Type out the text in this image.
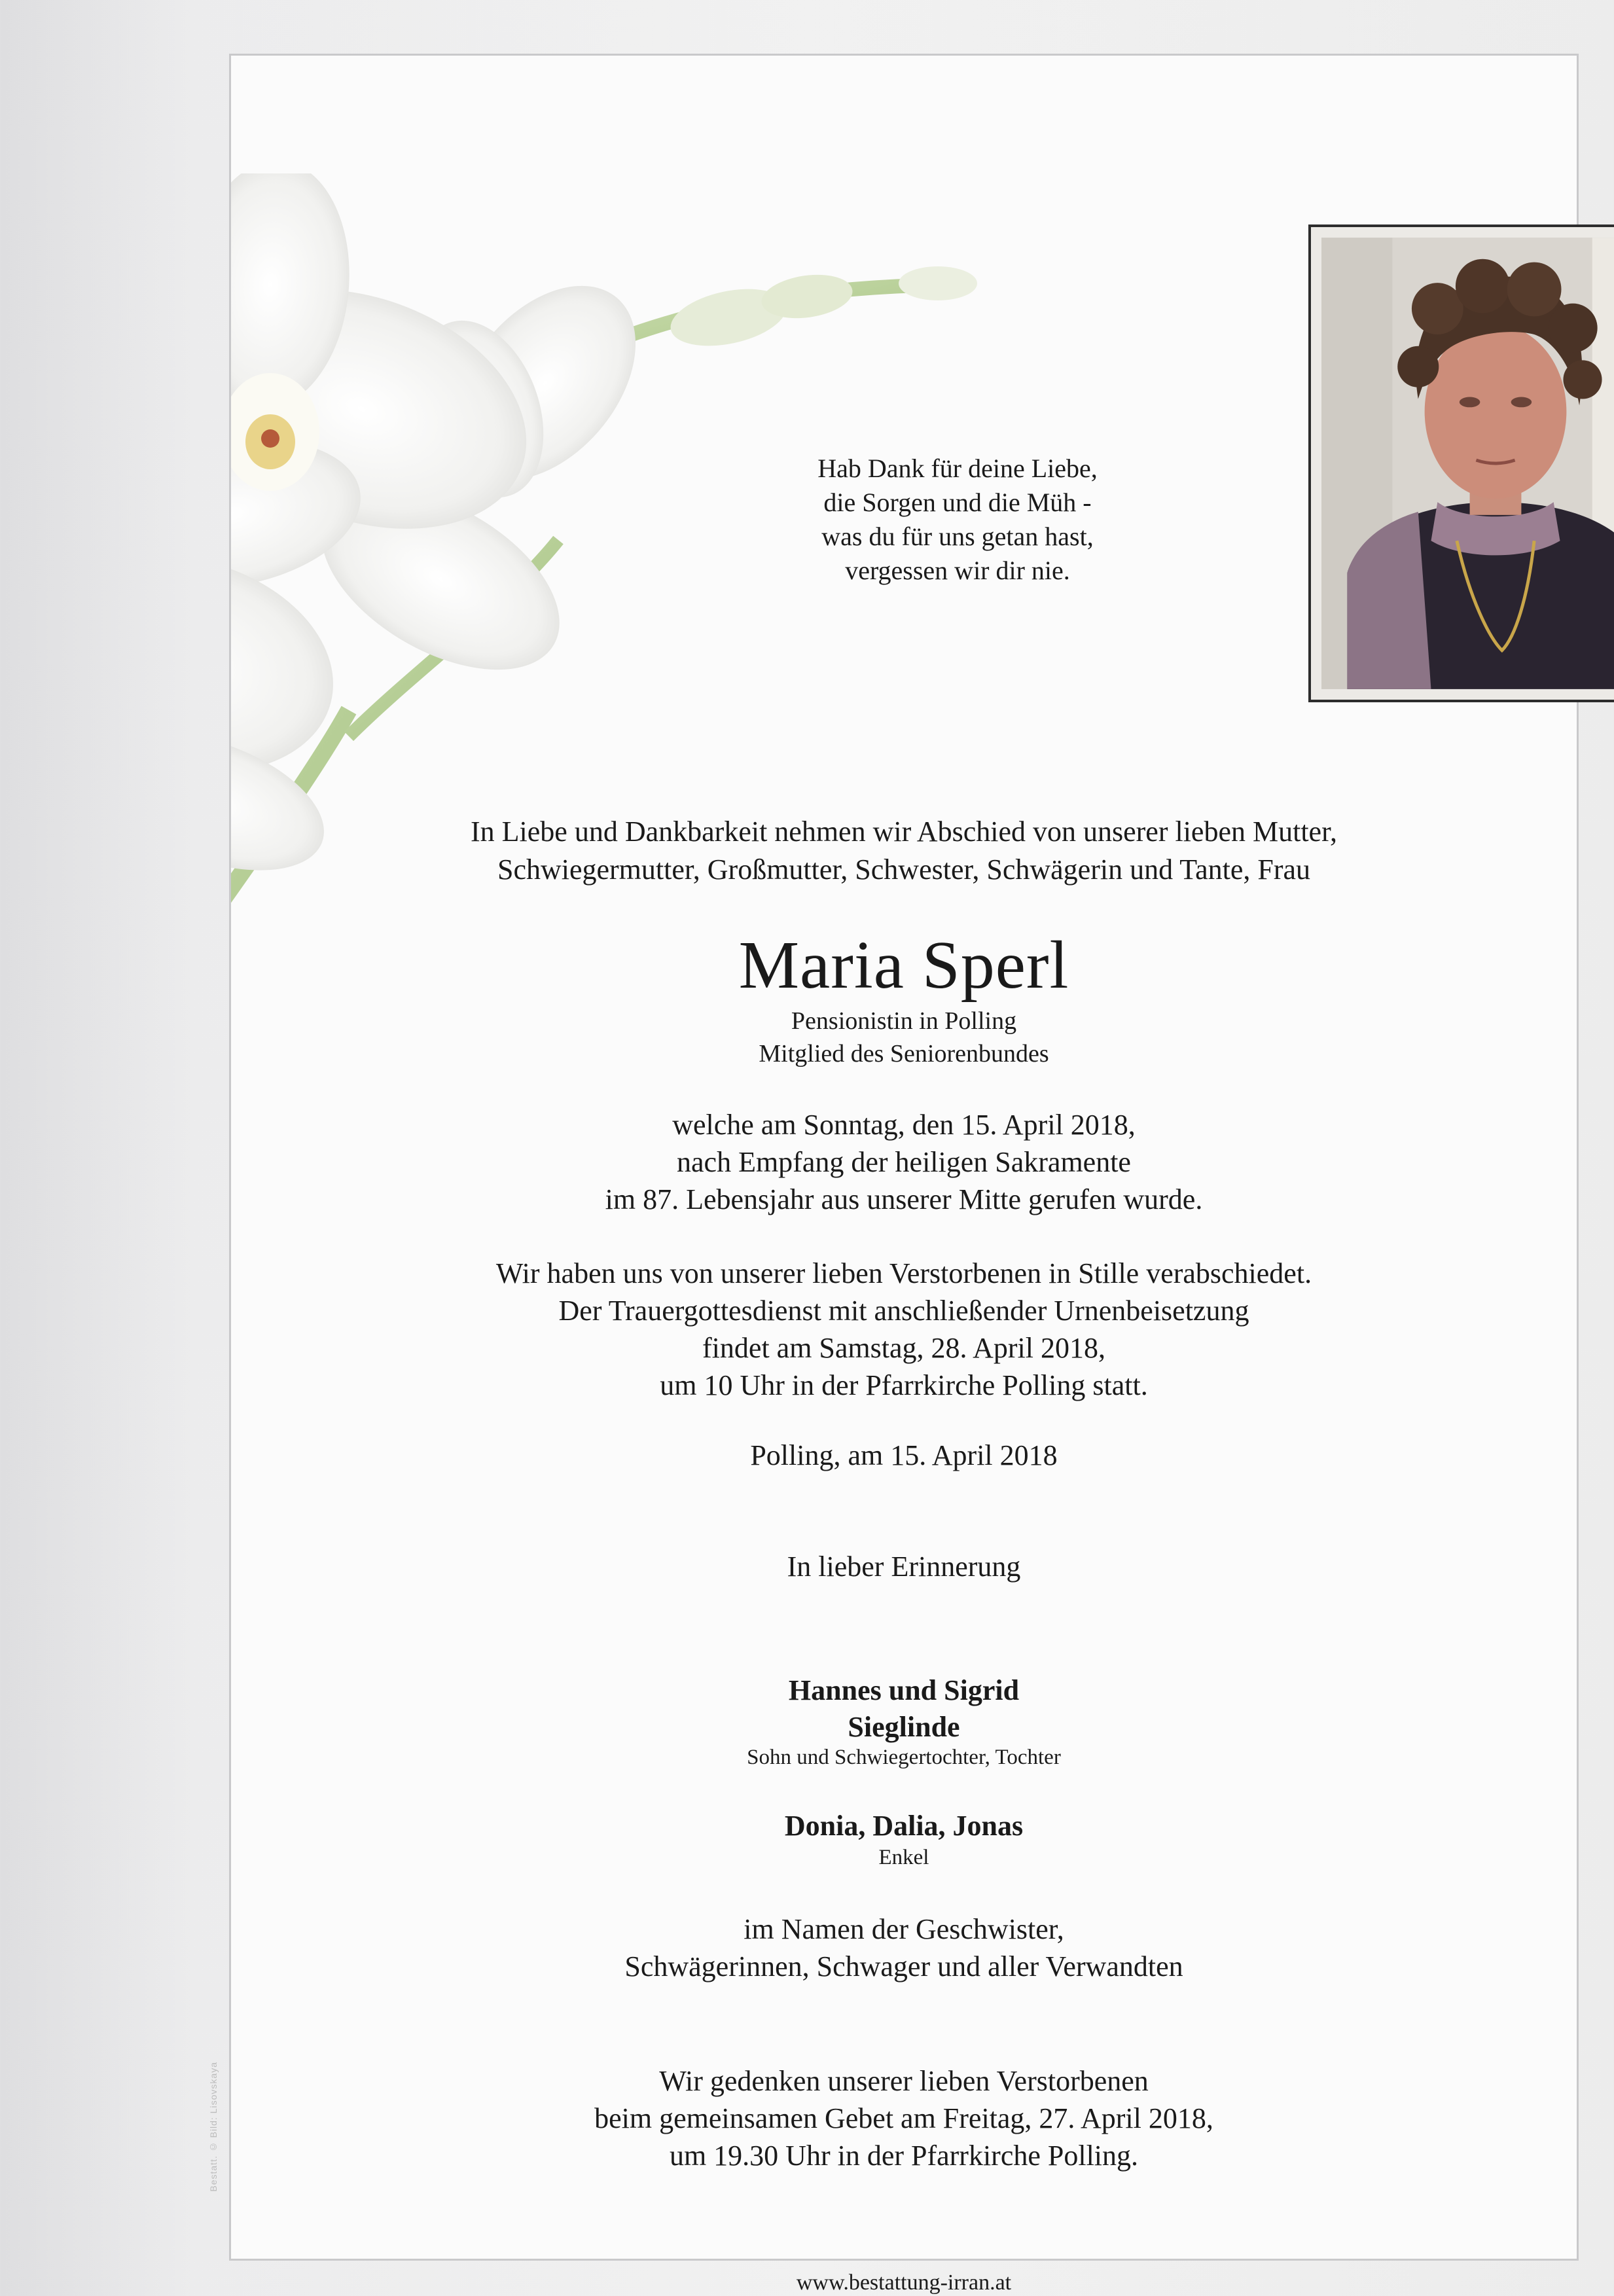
Hab Dank für deine Liebe,
die Sorgen und die Müh -
was du für uns getan hast,
vergessen wir dir nie.
In Liebe und Dankbarkeit nehmen wir Abschied von unserer lieben Mutter,
Schwiegermutter, Großmutter, Schwester, Schwägerin und Tante, Frau
Maria Sperl
Pensionistin in Polling
Mitglied des Seniorenbundes
welche am Sonntag, den 15. April 2018,
nach Empfang der heiligen Sakramente
im 87. Lebensjahr aus unserer Mitte gerufen wurde.
Wir haben uns von unserer lieben Verstorbenen in Stille verabschiedet.
Der Trauergottesdienst mit anschließender Urnenbeisetzung
findet am Samstag, 28. April 2018,
um 10 Uhr in der Pfarrkirche Polling statt.
Polling, am 15. April 2018
In lieber Erinnerung
Hannes und Sigrid
Sieglinde
Sohn und Schwiegertochter, Tochter
Donia, Dalia, Jonas
Enkel
im Namen der Geschwister,
Schwägerinnen, Schwager und aller Verwandten
Wir gedenken unserer lieben Verstorbenen
beim gemeinsamen Gebet am Freitag, 27. April 2018,
um 19.30 Uhr in der Pfarrkirche Polling.
www.bestattung-irran.at
Bestatt. © Bild: Lisovskaya
